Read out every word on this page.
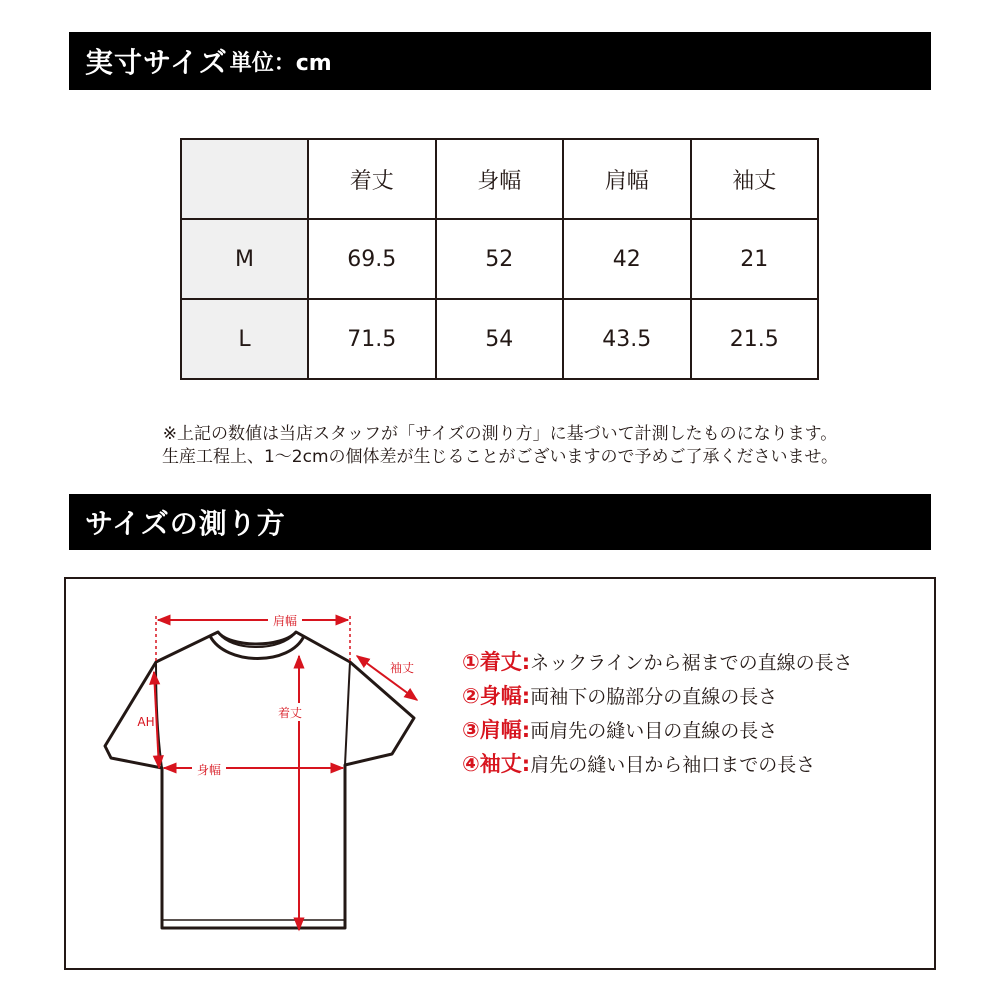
実寸サイズ 単位：cm
	着丈	身幅	肩幅	袖丈
M	69.5	52	42	21
L	71.5	54	43.5	21.5

※上記の数値は当店スタッフが「サイズの測り方」に基づいて計測したものになります。

生産工程上、1〜2cmの個体差が生じることがございますので予めご了承くださいませ。

サイズの測り方
肩幅
袖丈
着丈
AH
身幅
①着丈: ネックラインから裾までの直線の長さ
②身幅: 両袖下の脇部分の直線の長さ
③肩幅: 両肩先の縫い目の直線の長さ
④袖丈: 肩先の縫い目から袖口までの長さ
